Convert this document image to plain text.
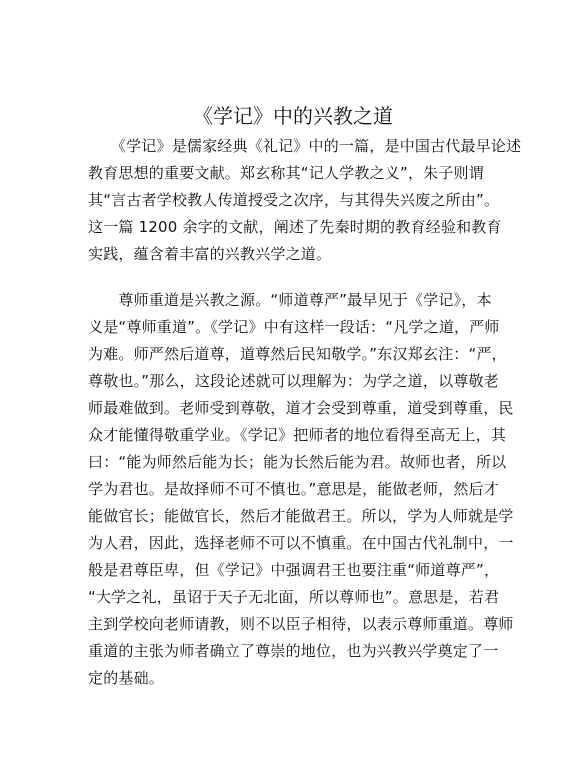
《学记》中的兴教之道
　　《学记》是儒家经典《礼记》中的一篇，是中国古代最早论述
教育思想的重要文献。郑玄称其“记人学教之义”，朱子则谓
其“言古者学校教人传道授受之次序，与其得失兴废之所由”。
这一篇 1200 余字的文献，阐述了先秦时期的教育经验和教育
实践，蕴含着丰富的兴教兴学之道。
　　尊师重道是兴教之源。“师道尊严”最早见于《学记》，本
义是“尊师重道”。《学记》中有这样一段话：“凡学之道，严师
为难。师严然后道尊，道尊然后民知敬学。”东汉郑玄注：“严，
尊敬也。”那么，这段论述就可以理解为：为学之道，以尊敬老
师最难做到。老师受到尊敬，道才会受到尊重，道受到尊重，民
众才能懂得敬重学业。《学记》把师者的地位看得至高无上，其
曰：“能为师然后能为长；能为长然后能为君。故师也者，所以
学为君也。是故择师不可不慎也。”意思是，能做老师，然后才
能做官长；能做官长，然后才能做君王。所以，学为人师就是学
为人君，因此，选择老师不可以不慎重。在中国古代礼制中，一
般是君尊臣卑，但《学记》中强调君王也要注重“师道尊严”，
“大学之礼，虽诏于天子无北面，所以尊师也”。意思是，若君
主到学校向老师请教，则不以臣子相待，以表示尊师重道。尊师
重道的主张为师者确立了尊崇的地位，也为兴教兴学奠定了一
定的基础。
